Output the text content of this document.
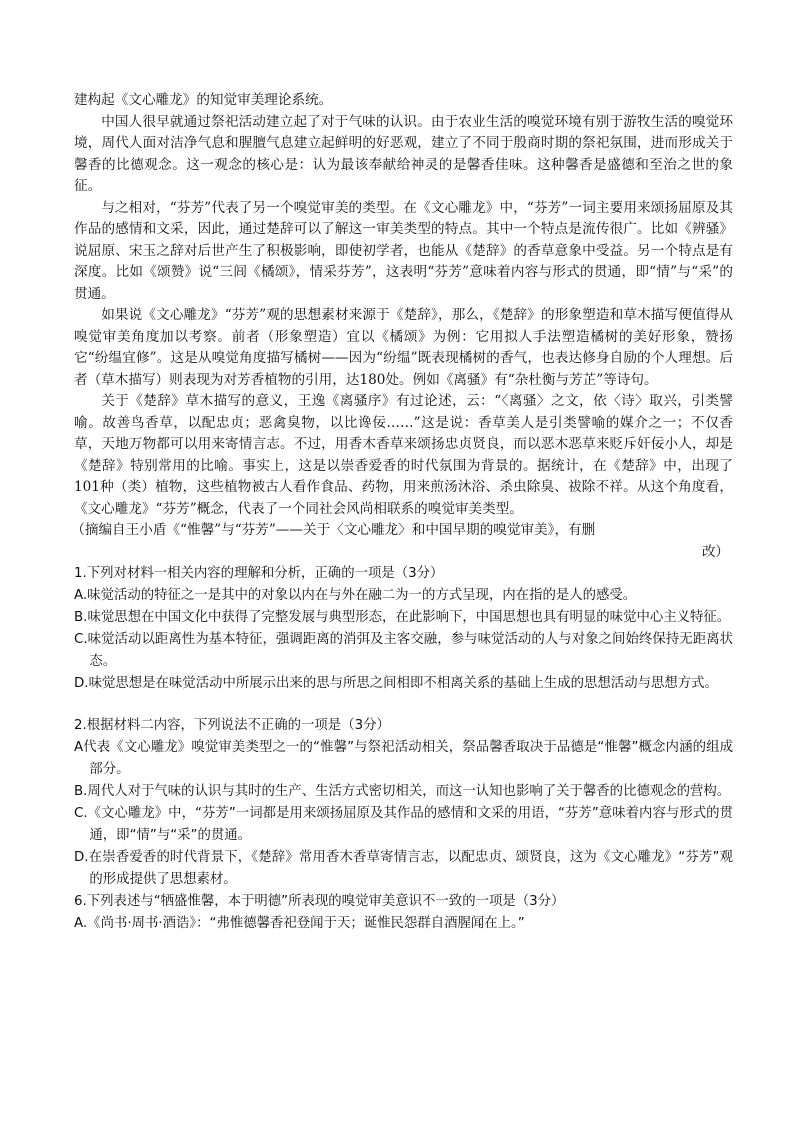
建构起《文心雕龙》的知觉审美理论系统。

中国人很早就通过祭祀活动建立起了对于气味的认识。由于农业生活的嗅觉环境有别于游牧生活的嗅觉环境，周代人面对洁净气息和腥膻气息建立起鲜明的好恶观，建立了不同于殷商时期的祭祀氛围，进而形成关于馨香的比德观念。这一观念的核心是：认为最该奉献给神灵的是馨香佳味。这种馨香是盛德和至治之世的象征。

与之相对，“芬芳”代表了另一个嗅觉审美的类型。在《文心雕龙》中，“芬芳”一词主要用来颂扬屈原及其作品的感情和文采，因此，通过楚辞可以了解这一审美类型的特点。其中一个特点是流传很广。比如《辨骚》说屈原、宋玉之辞对后世产生了积极影响，即使初学者，也能从《楚辞》的香草意象中受益。另一个特点是有深度。比如《颂赞》说“三闾《橘颂》，情采芬芳”，这表明“芬芳”意味着内容与形式的贯通，即“情”与“采”的贯通。

如果说《文心雕龙》“芬芳”观的思想素材来源于《楚辞》，那么，《楚辞》的形象塑造和草木描写便值得从嗅觉审美角度加以考察。前者（形象塑造）宜以《橘颂》为例：它用拟人手法塑造橘树的美好形象，赞扬它“纷缊宜修”。这是从嗅觉角度描写橘树——因为“纷缊”既表现橘树的香气，也表达修身自励的个人理想。后者（草木描写）则表现为对芳香植物的引用，达180处。例如《离骚》有“杂杜衡与芳芷”等诗句。

关于《楚辞》草木描写的意义，王逸《离骚序》有过论述，云：“〈离骚〉之文，依〈诗〉取兴，引类譬喻。故善鸟香草，以配忠贞；恶禽臭物，以比谗佞……”这是说：香草美人是引类譬喻的媒介之一；不仅香草，天地万物都可以用来寄情言志。不过，用香木香草来颂扬忠贞贤良，而以恶木恶草来贬斥奸佞小人，却是《楚辞》特别常用的比喻。事实上，这是以崇香爱香的时代氛围为背景的。据统计，在《楚辞》中，出现了101种（类）植物，这些植物被古人看作食品、药物，用来煎汤沐浴、杀虫除臭、祓除不祥。从这个角度看，《文心雕龙》“芬芳”概念，代表了一个同社会风尚相联系的嗅觉审美类型。

（摘编自王小盾《“惟馨”与“芬芳”——关于〈文心雕龙〉和中国早期的嗅觉审美》，有删

改）

1.下列对材料一相关内容的理解和分析，正确的一项是（3分）

A.味觉活动的特征之一是其中的对象以内在与外在融二为一的方式呈现，内在指的是人的感受。

B.味觉思想在中国文化中获得了完整发展与典型形态，在此影响下，中国思想也具有明显的味觉中心主义特征。

C.味觉活动以距离性为基本特征，强调距离的消弭及主客交融，参与味觉活动的人与对象之间始终保持无距离状态。

D.味觉思想是在味觉活动中所展示出来的思与所思之间相即不相离关系的基础上生成的思想活动与思想方式。

2.根据材料二内容，下列说法不正确的一项是（3分）

A代表《文心雕龙》嗅觉审美类型之一的“惟馨”与祭祀活动相关，祭品馨香取决于品德是“惟馨”概念内涵的组成部分。

B.周代人对于气味的认识与其时的生产、生活方式密切相关，而这一认知也影响了关于馨香的比德观念的营构。

C.《文心雕龙》中，“芬芳”一词都是用来颂扬屈原及其作品的感情和文采的用语，“芬芳”意味着内容与形式的贯通，即“情”与“采”的贯通。

D.在崇香爱香的时代背景下，《楚辞》常用香木香草寄情言志，以配忠贞、颂贤良，这为《文心雕龙》“芬芳”观的形成提供了思想素材。

6.下列表述与“牺盛惟馨，本于明德”所表现的嗅觉审美意识不一致的一项是（3分）

A.《尚书·周书·酒诰》：“弗惟德馨香祀登闻于天；诞惟民怨群自酒腥闻在上。”
